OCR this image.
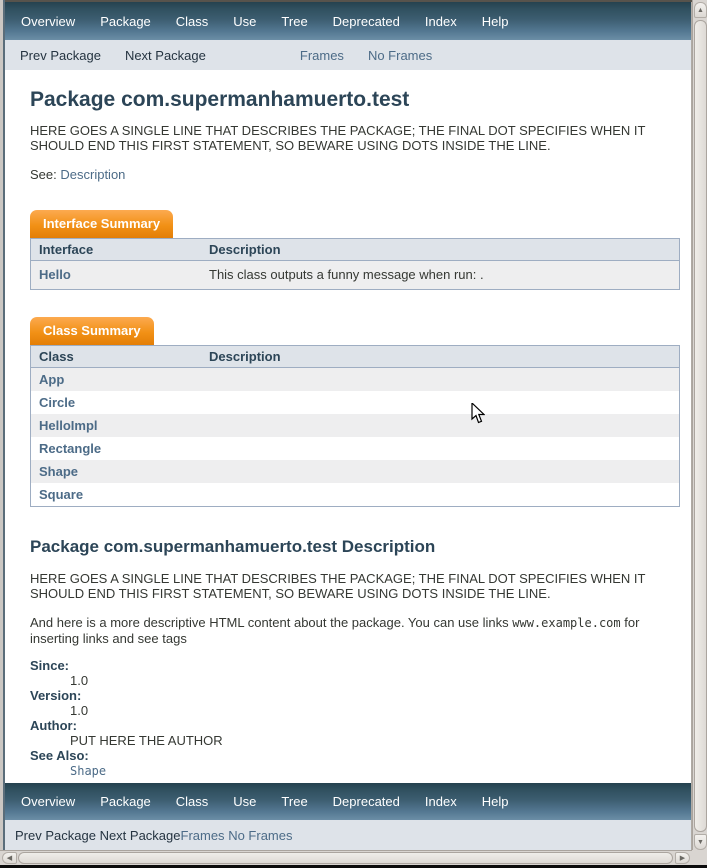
Overview	Package	Class	Use	Tree	Deprecated	Index	Help
Prev Package	Next Package	Frames	No Frames
Package com.supermanhamuerto.test

HERE GOES A SINGLE LINE THAT DESCRIBES THE PACKAGE; THE FINAL DOT SPECIFIES WHEN IT SHOULD END THIS FIRST STATEMENT, SO BEWARE USING DOTS INSIDE THE LINE.

See: Description

Interface Summary
Interface	Description
Hello	This class outputs a funny message when run: .
Class Summary
Class	Description
App
Circle
HelloImpl
Rectangle
Shape
Square
Package com.supermanhamuerto.test Description

HERE GOES A SINGLE LINE THAT DESCRIBES THE PACKAGE; THE FINAL DOT SPECIFIES WHEN IT SHOULD END THIS FIRST STATEMENT, SO BEWARE USING DOTS INSIDE THE LINE.

And here is a more descriptive HTML content about the package. You can use links www.example.com for inserting links and see tags

Since:
1.0
Version:
1.0
Author:
PUT HERE THE AUTHOR
See Also:
Shape
Overview	Package	Class	Use	Tree	Deprecated	Index	Help
Prev Package Next Package Frames No Frames
▲
▼
◀	▶
